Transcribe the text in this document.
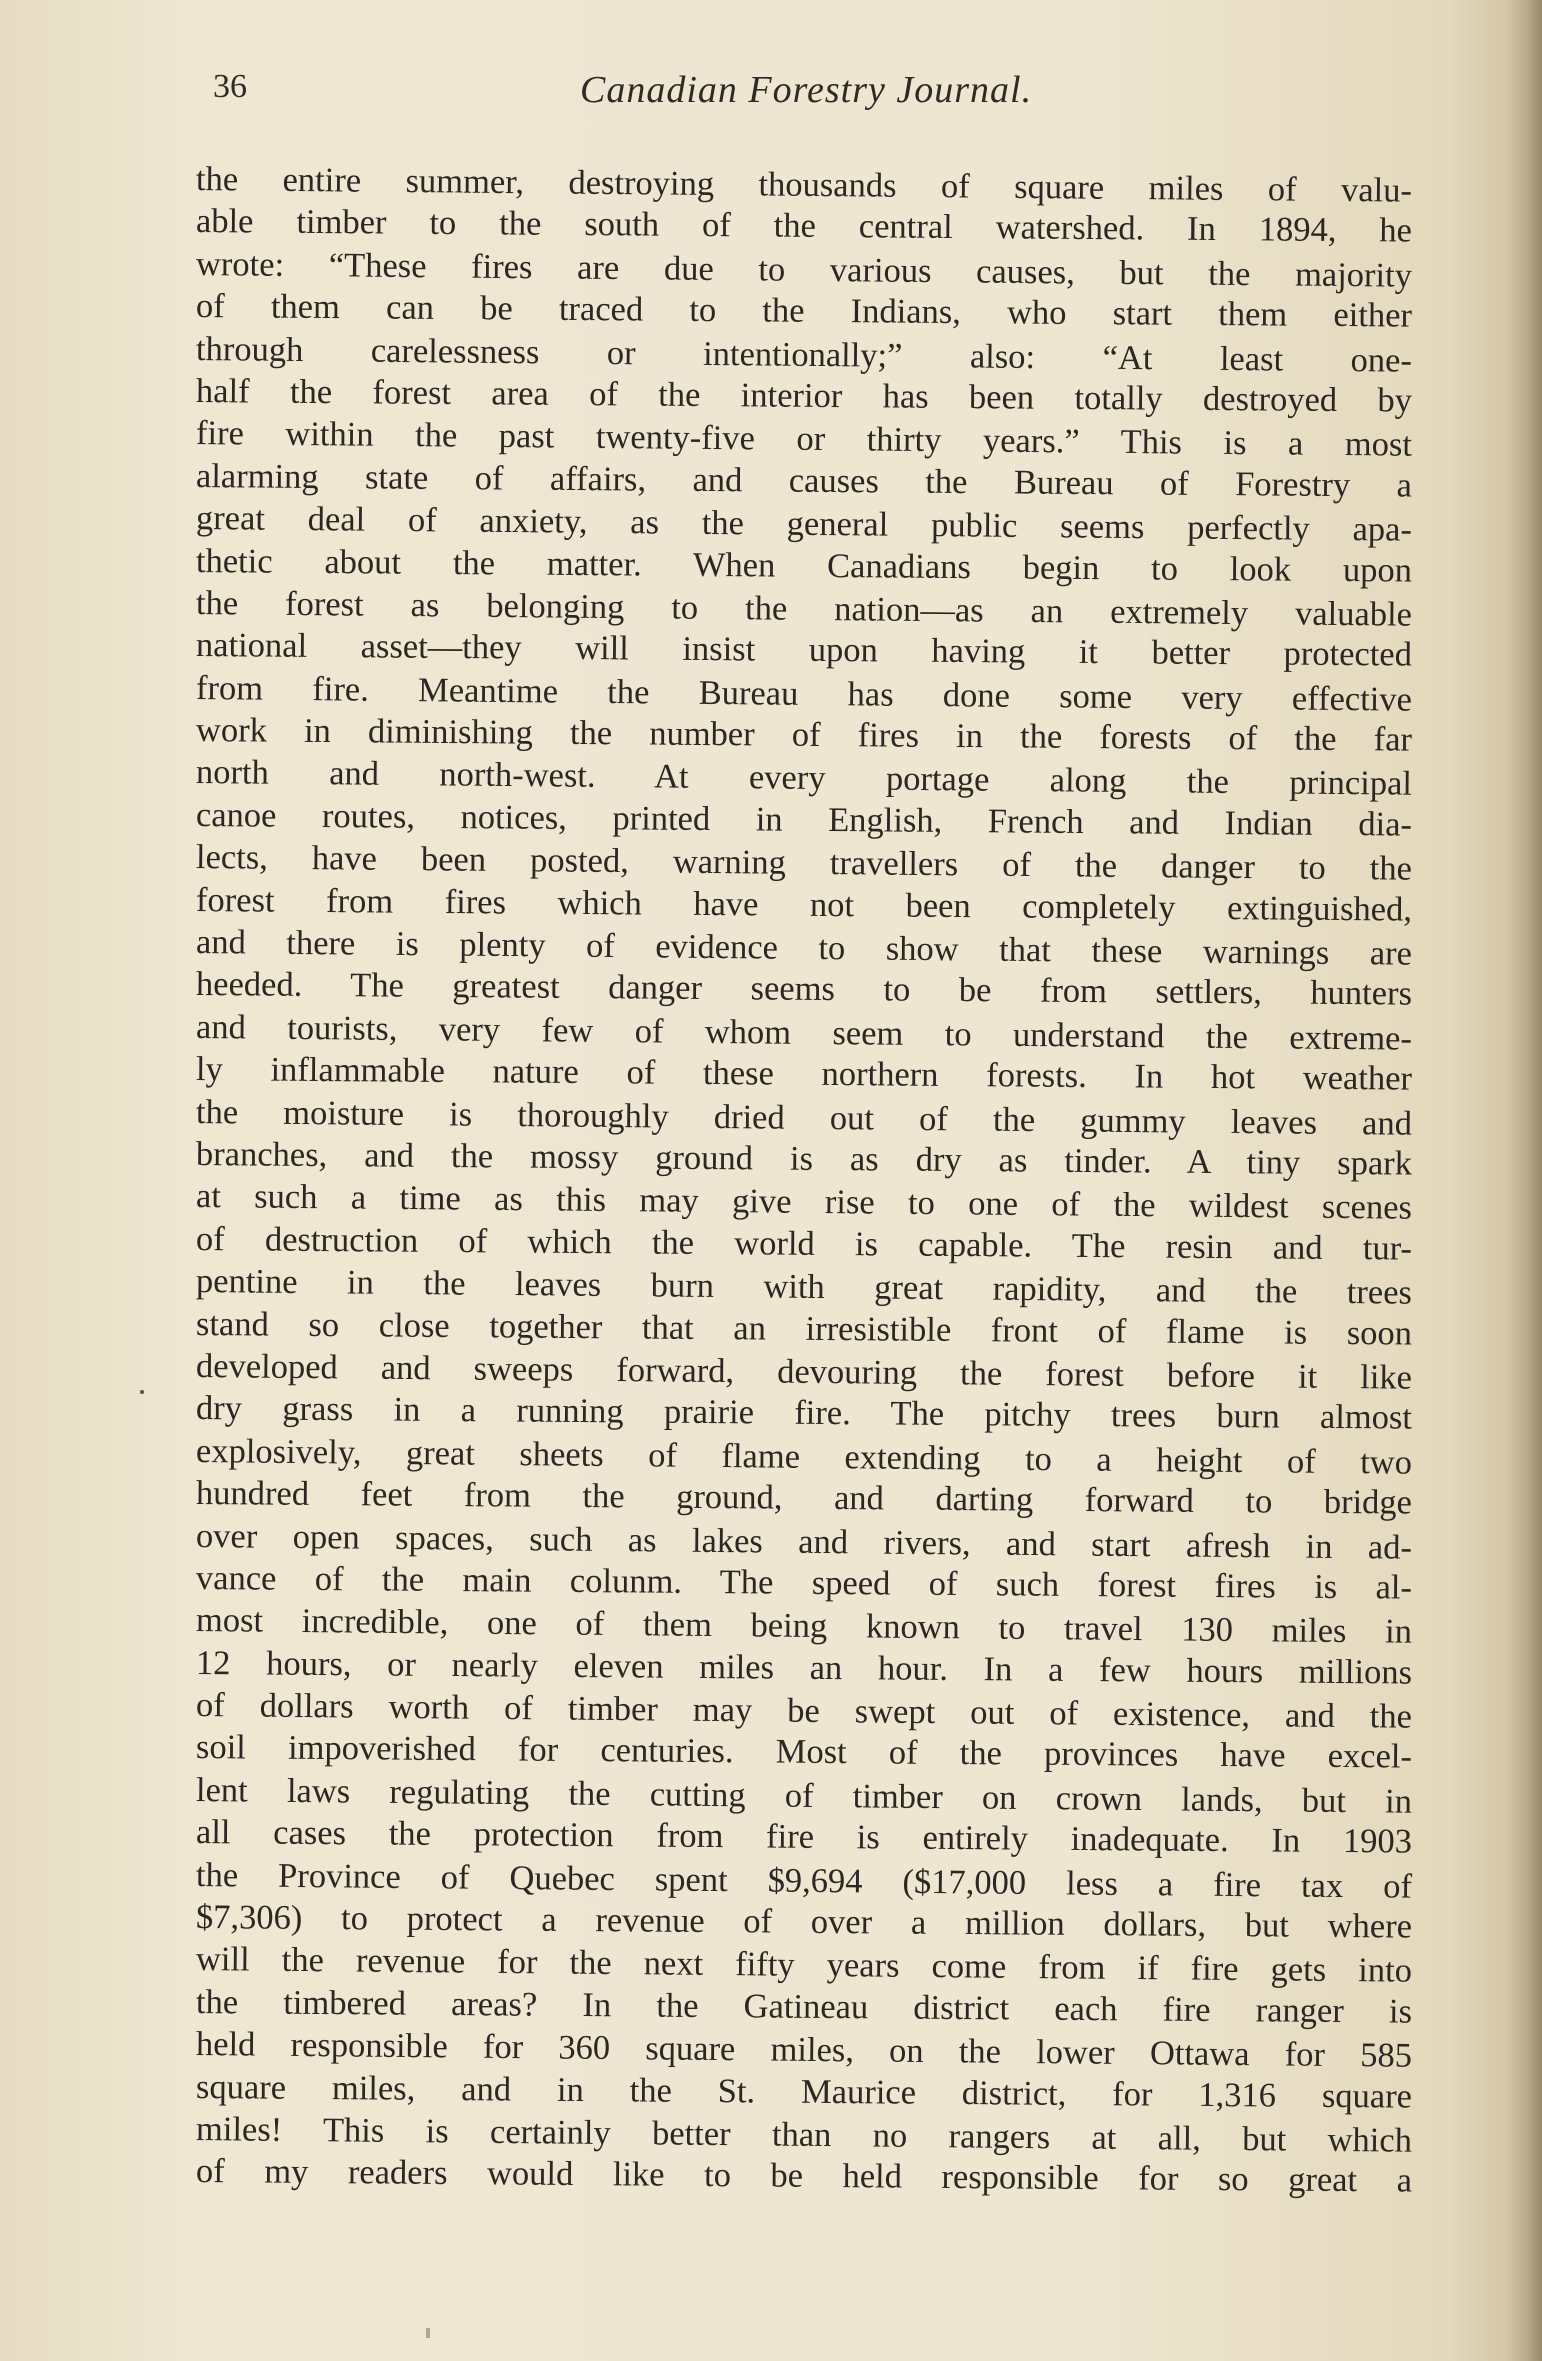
36	Canadian Forestry Journal.
the entire summer, destroying thousands of square miles of valu-
able timber to the south of the central watershed. In 1894, he
wrote: “These fires are due to various causes, but the majority
of them can be traced to the Indians, who start them either
through carelessness or intentionally;” also: “At least one-
half the forest area of the interior has been totally destroyed by
fire within the past twenty-five or thirty years.” This is a most
alarming state of affairs, and causes the Bureau of Forestry a
great deal of anxiety, as the general public seems perfectly apa-
thetic about the matter. When Canadians begin to look upon
the forest as belonging to the nation—as an extremely valuable
national asset—they will insist upon having it better protected
from fire. Meantime the Bureau has done some very effective
work in diminishing the number of fires in the forests of the far
north and north-west. At every portage along the principal
canoe routes, notices, printed in English, French and Indian dia-
lects, have been posted, warning travellers of the danger to the
forest from fires which have not been completely extinguished,
and there is plenty of evidence to show that these warnings are
heeded. The greatest danger seems to be from settlers, hunters
and tourists, very few of whom seem to understand the extreme-
ly inflammable nature of these northern forests. In hot weather
the moisture is thoroughly dried out of the gummy leaves and
branches, and the mossy ground is as dry as tinder. A tiny spark
at such a time as this may give rise to one of the wildest scenes
of destruction of which the world is capable. The resin and tur-
pentine in the leaves burn with great rapidity, and the trees
stand so close together that an irresistible front of flame is soon
developed and sweeps forward, devouring the forest before it like
dry grass in a running prairie fire. The pitchy trees burn almost
explosively, great sheets of flame extending to a height of two
hundred feet from the ground, and darting forward to bridge
over open spaces, such as lakes and rivers, and start afresh in ad-
vance of the main colunm. The speed of such forest fires is al-
most incredible, one of them being known to travel 130 miles in
12 hours, or nearly eleven miles an hour. In a few hours millions
of dollars worth of timber may be swept out of existence, and the
soil impoverished for centuries. Most of the provinces have excel-
lent laws regulating the cutting of timber on crown lands, but in
all cases the protection from fire is entirely inadequate. In 1903
the Province of Quebec spent $9,694 ($17,000 less a fire tax of
$7,306) to protect a revenue of over a million dollars, but where
will the revenue for the next fifty years come from if fire gets into
the timbered areas? In the Gatineau district each fire ranger is
held responsible for 360 square miles, on the lower Ottawa for 585
square miles, and in the St. Maurice district, for 1,316 square
miles! This is certainly better than no rangers at all, but which
of my readers would like to be held responsible for so great a
